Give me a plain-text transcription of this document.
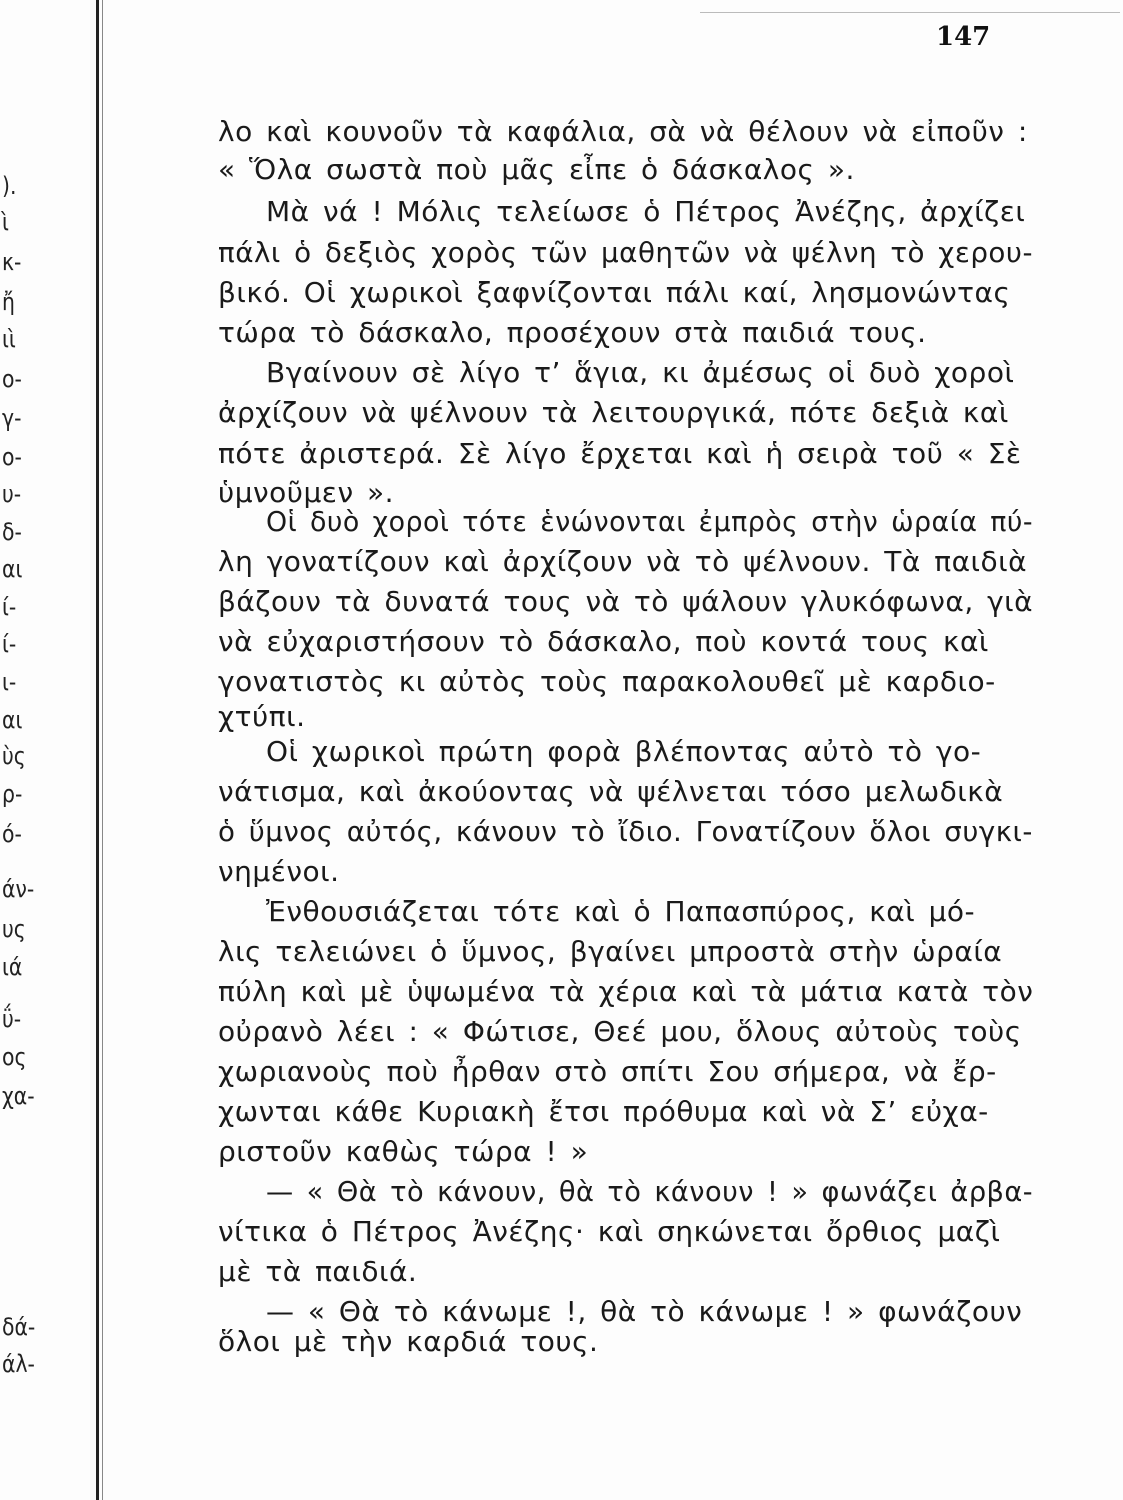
147
).
ὶ
κ-
ἤ
ιὶ
ο-
γ-
ο-
υ-
δ-
αι
ί-
ί-
ι-
αι
ὺς
ρ-
ό-
άν-
υς
ιά
ΰ-
ος
χα-
δά-
άλ-
λο καὶ κουνοῦν τὰ καφάλια, σὰ νὰ θέλουν νὰ εἰποῦν :
« Ὅλα σωστὰ ποὺ μᾶς εἶπε ὁ δάσκαλος ».
Μὰ νά ! Μόλις τελείωσε ὁ Πέτρος Ἀνέζης, ἀρχίζει
πάλι ὁ δεξιὸς χορὸς τῶν μαθητῶν νὰ ψέλνη τὸ χερου-
βικό. Οἱ χωρικοὶ ξαφνίζονται πάλι καί, λησμονώντας
τώρα τὸ δάσκαλο, προσέχουν στὰ παιδιά τους.
Βγαίνουν σὲ λίγο τ’ ἅγια, κι ἀμέσως οἱ δυὸ χοροὶ
ἀρχίζουν νὰ ψέλνουν τὰ λειτουργικά, πότε δεξιὰ καὶ
πότε ἀριστερά. Σὲ λίγο ἔρχεται καὶ ἡ σειρὰ τοῦ « Σὲ
ὑμνοῦμεν ».
Οἱ δυὸ χοροὶ τότε ἑνώνονται ἐμπρὸς στὴν ὡραία πύ-
λη γονατίζουν καὶ ἀρχίζουν νὰ τὸ ψέλνουν. Τὰ παιδιὰ
βάζουν τὰ δυνατά τους νὰ τὸ ψάλουν γλυκόφωνα, γιὰ
νὰ εὐχαριστήσουν τὸ δάσκαλο, ποὺ κοντά τους καὶ
γονατιστὸς κι αὐτὸς τοὺς παρακολουθεῖ μὲ καρδιο-
χτύπι.
Οἱ χωρικοὶ πρώτη φορὰ βλέποντας αὐτὸ τὸ γο-
νάτισμα, καὶ ἀκούοντας νὰ ψέλνεται τόσο μελωδικὰ
ὁ ὕμνος αὐτός, κάνουν τὸ ἴδιο. Γονατίζουν ὅλοι συγκι-
νημένοι.
Ἐνθουσιάζεται τότε καὶ ὁ Παπασπύρος, καὶ μό-
λις τελειώνει ὁ ὕμνος, βγαίνει μπροστὰ στὴν ὡραία
πύλη καὶ μὲ ὑψωμένα τὰ χέρια καὶ τὰ μάτια κατὰ τὸν
οὐρανὸ λέει : « Φώτισε, Θεέ μου, ὅλους αὐτοὺς τοὺς
χωριανοὺς ποὺ ἦρθαν στὸ σπίτι Σου σήμερα, νὰ ἔρ-
χωνται κάθε Κυριακὴ ἔτσι πρόθυμα καὶ νὰ Σ’ εὐχα-
ριστοῦν καθὼς τώρα ! »
— « Θὰ τὸ κάνουν, θὰ τὸ κάνουν ! » φωνάζει ἀρβα-
νίτικα ὁ Πέτρος Ἀνέζης· καὶ σηκώνεται ὄρθιος μαζὶ
μὲ τὰ παιδιά.
— « Θὰ τὸ κάνωμε !, θὰ τὸ κάνωμε ! » φωνάζουν
ὅλοι μὲ τὴν καρδιά τους.
